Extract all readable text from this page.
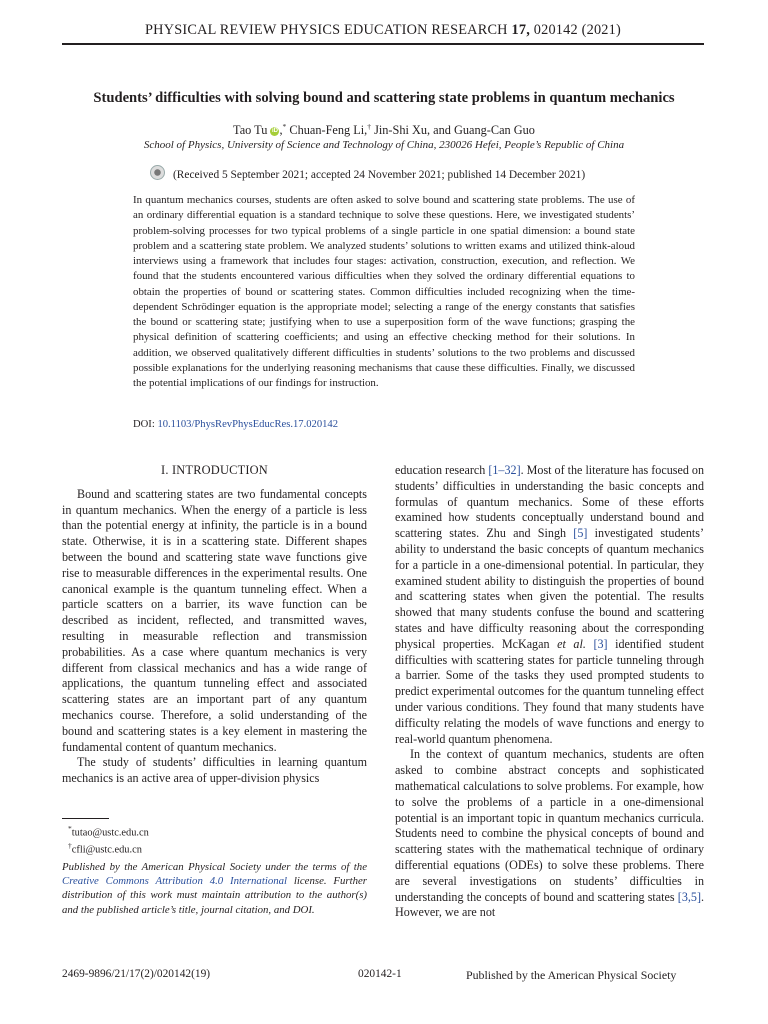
PHYSICAL REVIEW PHYSICS EDUCATION RESEARCH 17, 020142 (2021)
Students’ difficulties with solving bound and scattering state problems in quantum mechanics
Tao Tu iD ,* Chuan-Feng Li,† Jin-Shi Xu, and Guang-Can Guo
School of Physics, University of Science and Technology of China, 230026 Hefei, People’s Republic of China
(Received 5 September 2021; accepted 24 November 2021; published 14 December 2021)

In quantum mechanics courses, students are often asked to solve bound and scattering state problems. The use of an ordinary differential equation is a standard technique to solve these questions. Here, we investigated students’ problem-solving processes for two typical problems of a single particle in one spatial dimension: a bound state problem and a scattering state problem. We analyzed students’ solutions to written exams and utilized think-aloud interviews using a framework that includes four stages: activation, construction, execution, and reflection. We found that the students encountered various difficulties when they solved the ordinary differential equations to obtain the properties of bound or scattering states. Common difficulties included recognizing when the time-dependent Schrödinger equation is the appropriate model; selecting a range of the energy constants that satisfies the bound or scattering state; justifying when to use a superposition form of the wave functions; grasping the physical definition of scattering coefficients; and using an effective checking method for their solutions. In addition, we observed qualitatively different difficulties in students’ solutions to the two problems and discussed possible explanations for the underlying reasoning mechanisms that cause these difficulties. Finally, we discussed the potential implications of our findings for instruction.

DOI: 10.1103/PhysRevPhysEducRes.17.020142
I. INTRODUCTION

Bound and scattering states are two fundamental concepts in quantum mechanics. When the energy of a particle is less than the potential energy at infinity, the particle is in a bound state. Otherwise, it is in a scattering state. Different shapes between the bound and scattering state wave functions give rise to measurable differences in the experimental results. One canonical example is the quantum tunneling effect. When a particle scatters on a barrier, its wave function can be described as incident, reflected, and transmitted waves, resulting in measurable reflection and transmission probabilities. As a case where quantum mechanics is very different from classical mechanics and has a wide range of applications, the quantum tunneling effect and associated scattering states are an important part of any quantum mechanics course. Therefore, a solid understanding of the bound and scattering states is a key element in mastering the fundamental content of quantum mechanics.

The study of students’ difficulties in learning quantum mechanics is an active area of upper-division physics

education research [1–32]. Most of the literature has focused on students’ difficulties in understanding the basic concepts and formulas of quantum mechanics. Some of these efforts examined how students conceptually understand bound and scattering states. Zhu and Singh [5] investigated students’ ability to understand the basic concepts of quantum mechanics for a particle in a one-dimensional potential. In particular, they examined student ability to distinguish the properties of bound and scattering states when given the potential. The results showed that many students confuse the bound and scattering states and have difficulty reasoning about the corresponding physical properties. McKagan et al. [3] identified student difficulties with scattering states for particle tunneling through a barrier. Some of the tasks they used prompted students to predict experimental outcomes for the quantum tunneling effect under various conditions. They found that many students have difficulty relating the models of wave functions and energy to real-world quantum phenomena.

In the context of quantum mechanics, students are often asked to combine abstract concepts and sophisticated mathematical calculations to solve problems. For example, how to solve the problems of a particle in a one-dimensional potential is an important topic in quantum mechanics curricula. Students need to combine the physical concepts of bound and scattering states with the mathematical technique of ordinary differential equations (ODEs) to solve these problems. There are several investigations on students’ difficulties in understanding the concepts of bound and scattering states [3,5]. However, we are not

*tutao@ustc.edu.cn
†cfli@ustc.edu.cn
Published by the American Physical Society under the terms of the Creative Commons Attribution 4.0 International license. Further distribution of this work must maintain attribution to the author(s) and the published article’s title, journal citation, and DOI.
2469-9896/21/17(2)/020142(19)	020142-1	Published by the American Physical Society
